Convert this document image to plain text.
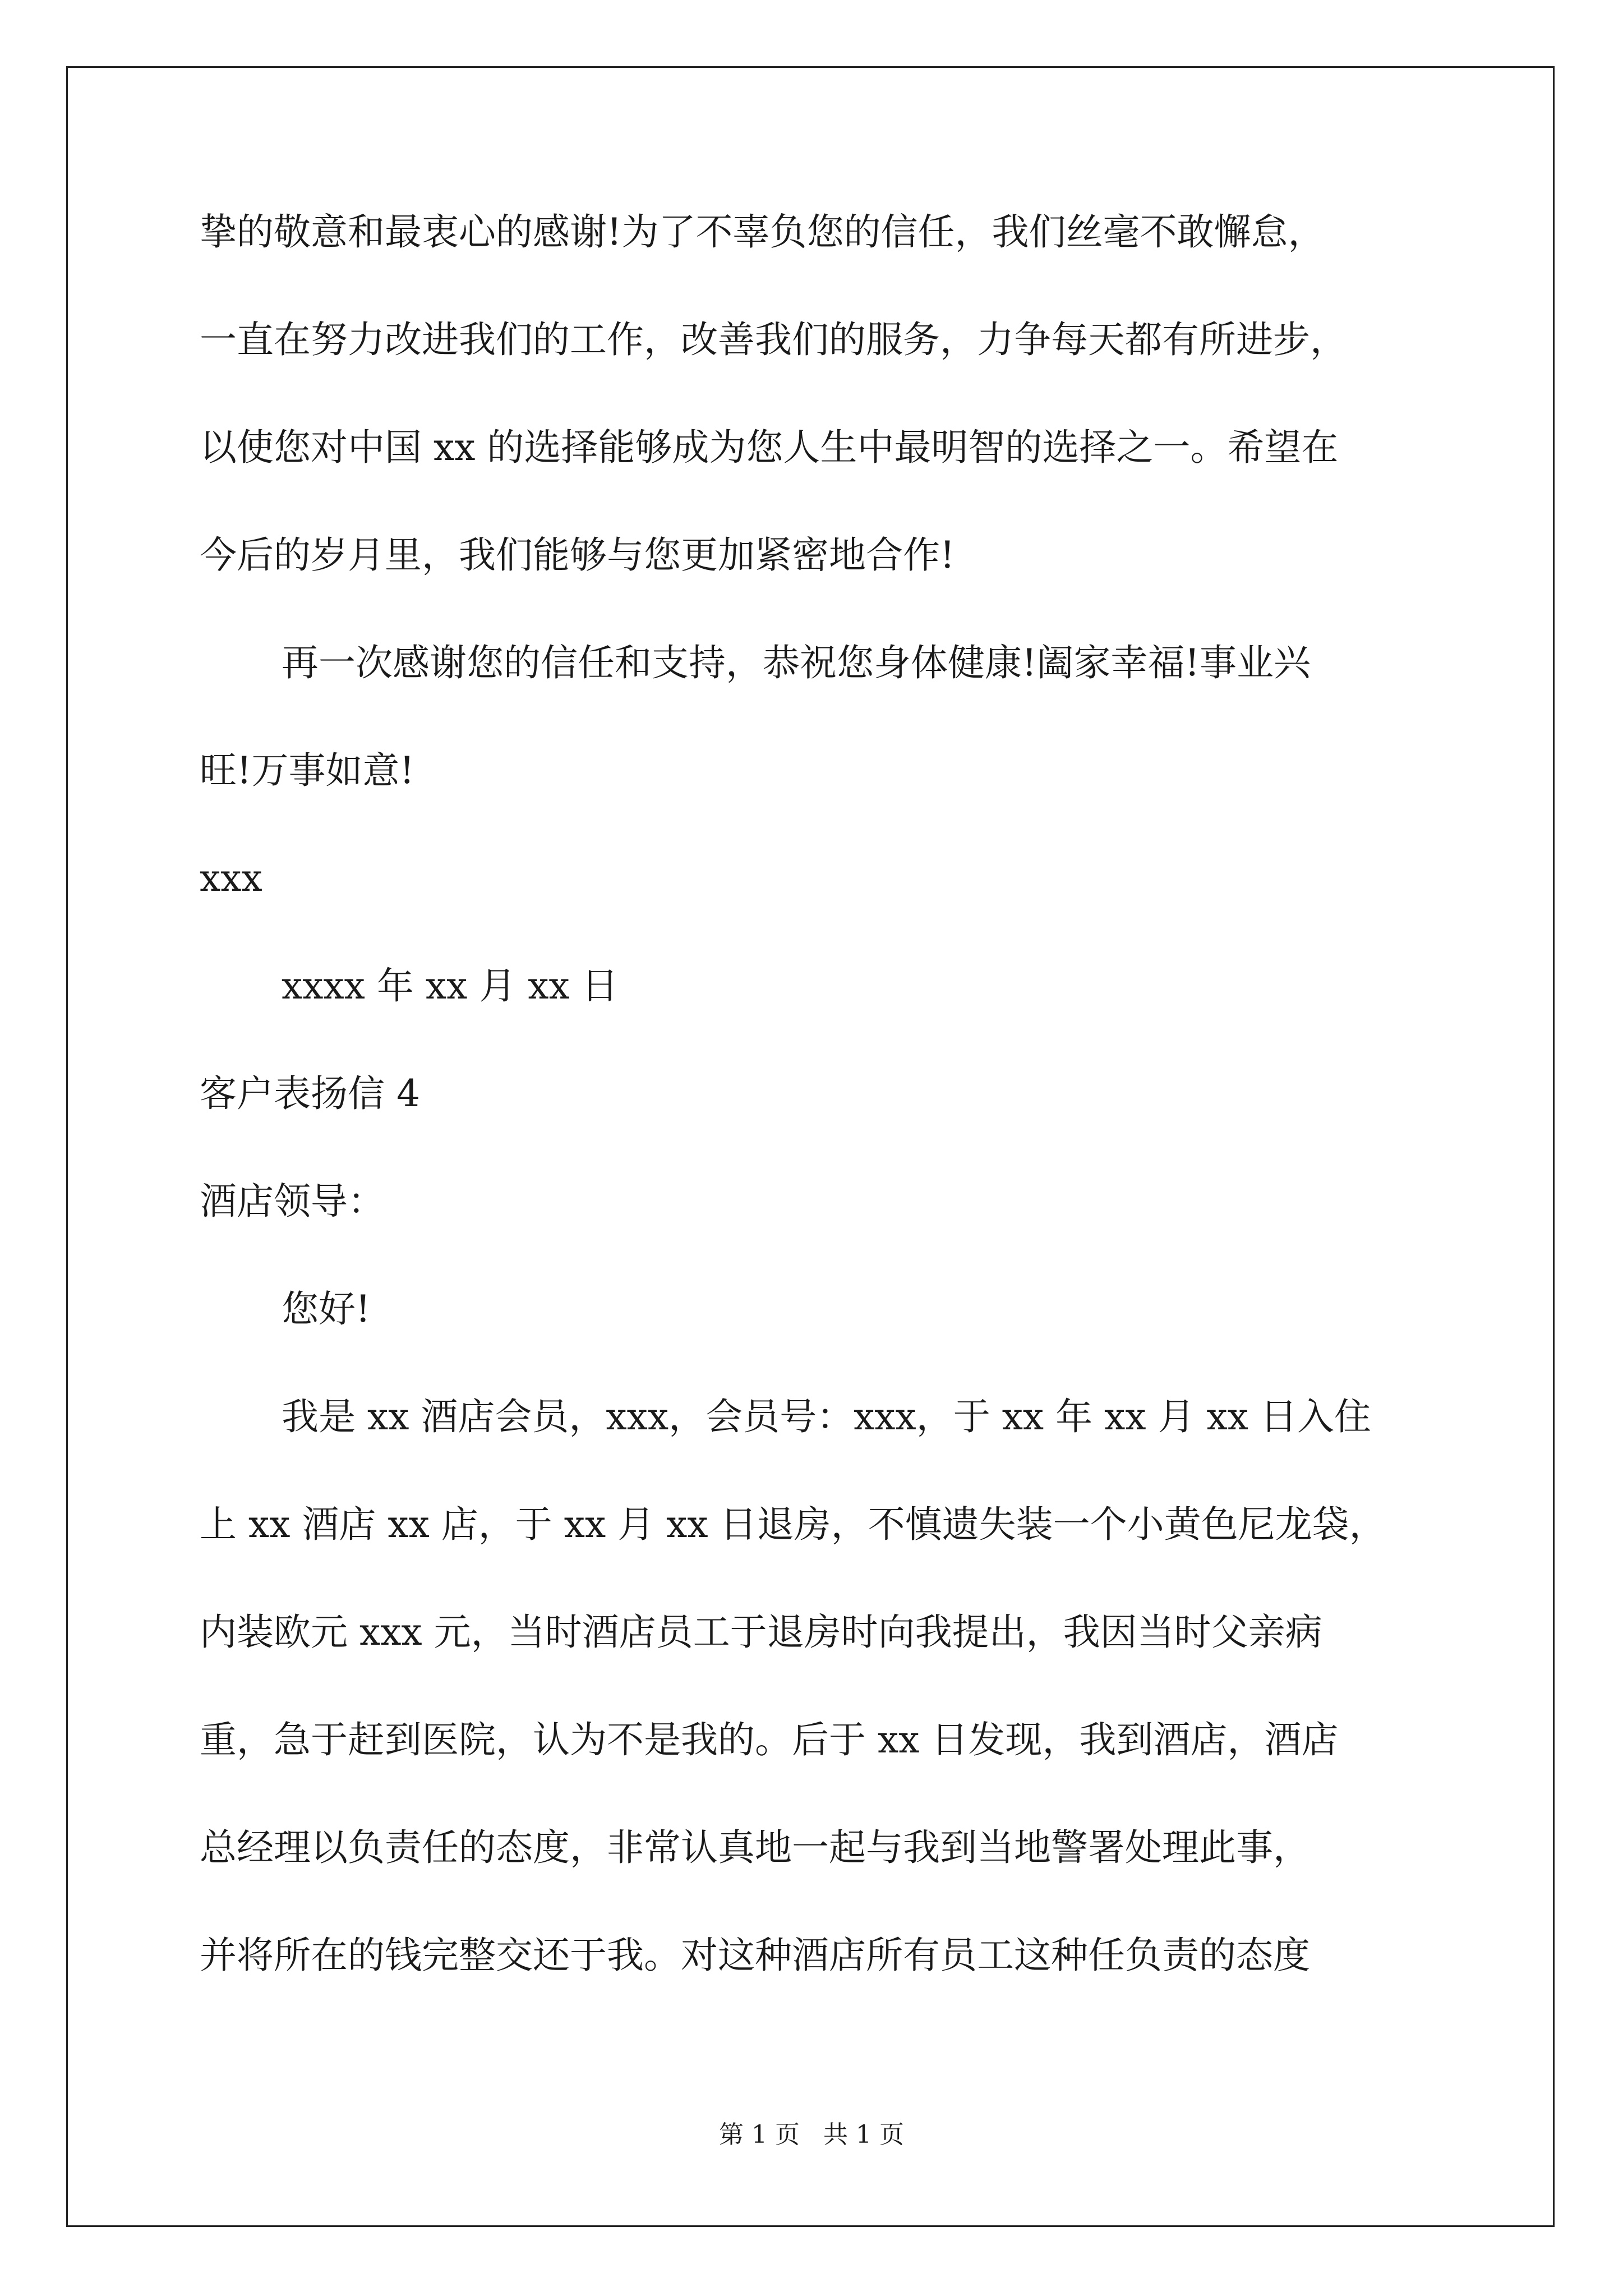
挚的敬意和最衷心的感谢!为了不辜负您的信任，我们丝毫不敢懈怠，
一直在努力改进我们的工作，改善我们的服务，力争每天都有所进步，
以使您对中国 xx 的选择能够成为您人生中最明智的选择之一。希望在
今后的岁月里，我们能够与您更加紧密地合作!
再一次感谢您的信任和支持，恭祝您身体健康!阖家幸福!事业兴
旺!万事如意!
xxx
xxxx 年 xx 月 xx 日
客户表扬信 4
酒店领导：
您好!
我是 xx 酒店会员，xxx，会员号：xxx，于 xx 年 xx 月 xx 日入住
上 xx 酒店 xx 店，于 xx 月 xx 日退房，不慎遗失装一个小黄色尼龙袋，
内装欧元 xxx 元，当时酒店员工于退房时向我提出，我因当时父亲病
重，急于赶到医院，认为不是我的。后于 xx 日发现，我到酒店，酒店
总经理以负责任的态度，非常认真地一起与我到当地警署处理此事，
并将所在的钱完整交还于我。对这种酒店所有员工这种任负责的态度
第 1 页   共 1 页
